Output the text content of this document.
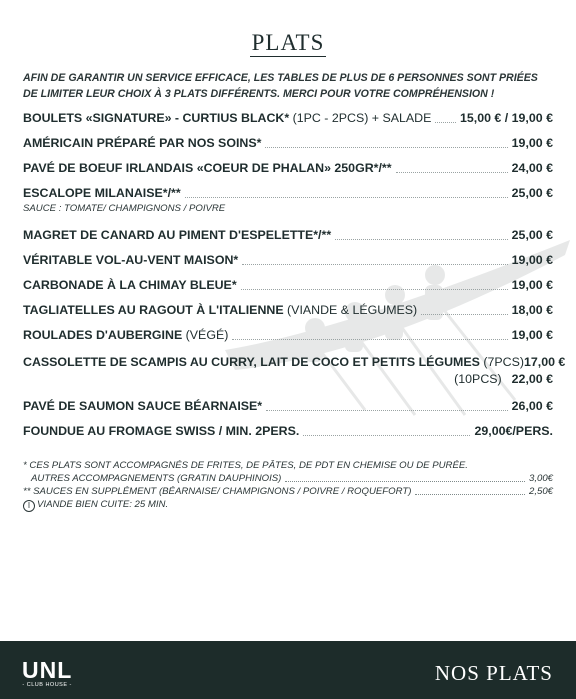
PLATS
AFIN DE GARANTIR UN SERVICE EFFICACE, LES TABLES DE PLUS DE 6 PERSONNES SONT PRIÉES DE LIMITER LEUR CHOIX À 3 PLATS DIFFÉRENTS. MERCI POUR VOTRE COMPRÉHENSION !
BOULETS «SIGNATURE» - CURTIUS BLACK* (1PC - 2PCS) + SALADE 15,00 € / 19,00 €
AMÉRICAIN PRÉPARÉ PAR NOS SOINS*	19,00 €
PAVÉ DE BOEUF IRLANDAIS «COEUR DE PHALAN» 250GR*/**	24,00 €
ESCALOPE MILANAISE*/**	25,00 €
SAUCE : TOMATE/ CHAMPIGNONS / POIVRE
MAGRET DE CANARD AU PIMENT D'ESPELETTE*/**	25,00 €
VÉRITABLE VOL-AU-VENT MAISON*	19,00 €
CARBONADE À LA CHIMAY BLEUE*	19,00 €
TAGLIATELLES AU RAGOUT À L'ITALIENNE (VIANDE & LÉGUMES)	18,00 €
ROULADES D'AUBERGINE (VÉGÉ)	19,00 €
CASSOLETTE DE SCAMPIS AU CURRY, LAIT DE COCO ET PETITS LÉGUMES (7PCS) 17,00 €
(10PCS) 22,00 €
PAVÉ DE SAUMON SAUCE BÉARNAISE*	26,00 €
FOUNDUE AU FROMAGE SWISS / MIN. 2PERS.	29,00€/PERS.
* CES PLATS SONT ACCOMPAGNÉS DE FRITES, DE PÂTES, DE PDT EN CHEMISE OU DE PURÉE.
AUTRES ACCOMPAGNEMENTS (GRATIN DAUPHINOIS)	3,00€
** SAUCES EN SUPPLÉMENT (BÉARNAISE/ CHAMPIGNONS / POIVRE / ROQUEFORT)	2,50€
I VIANDE BIEN CUITE: 25 MIN.
UNL
- CLUB HOUSE -	NOS PLATS
